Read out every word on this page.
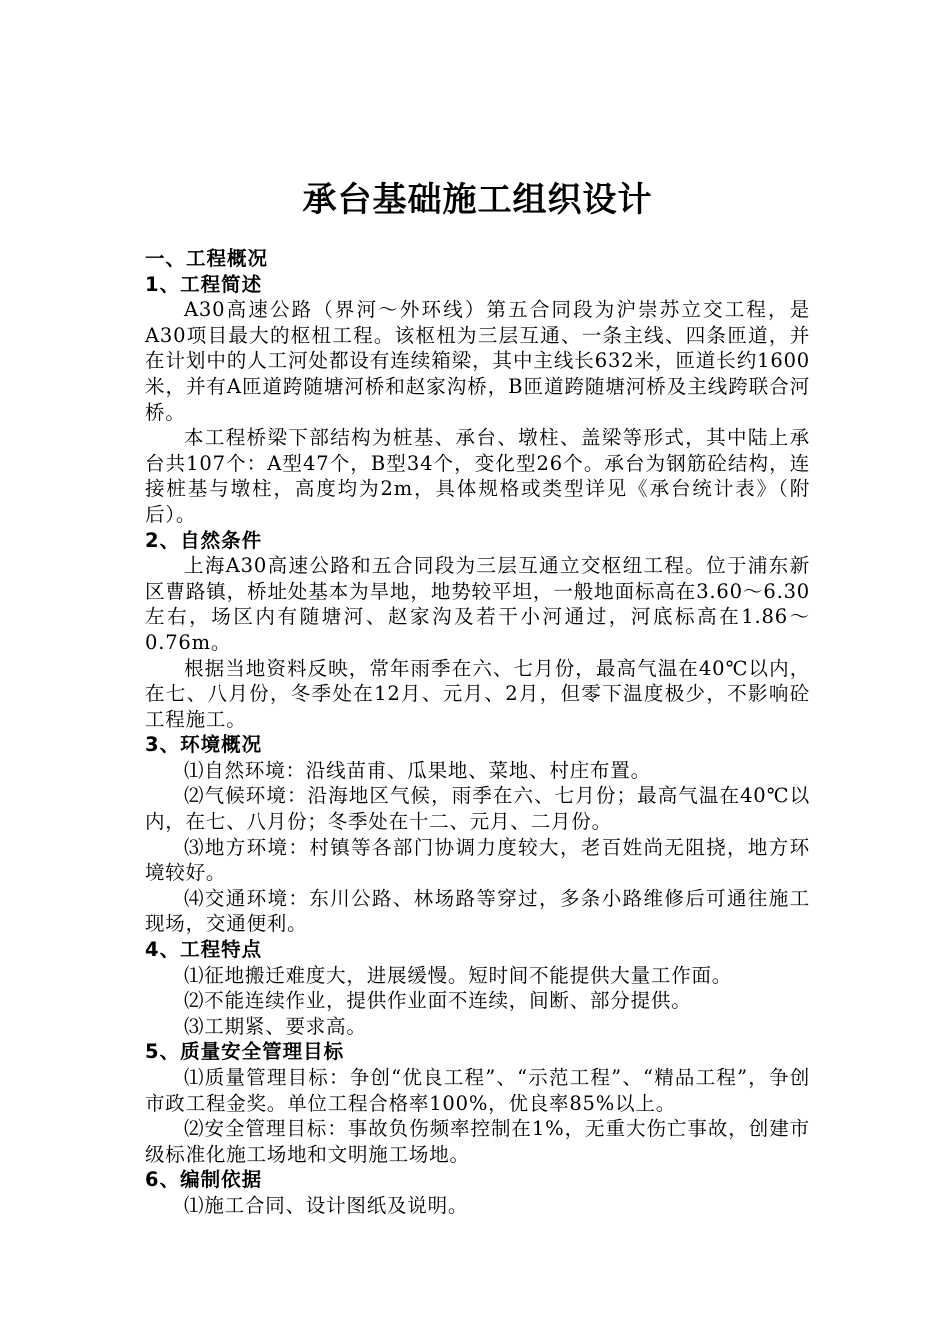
承台基础施工组织设计
一、工程概况
1、工程简述

A30高速公路（界河～外环线）第五合同段为沪崇苏立交工程，是A30项目最大的枢杻工程。该枢杻为三层互通、一条主线、四条匝道，并在计划中的人工河处都设有连续箱梁，其中主线长632米，匝道长约1600米，并有A匝道跨随塘河桥和赵家沟桥，B匝道跨随塘河桥及主线跨联合河桥。

本工程桥梁下部结构为桩基、承台、墩柱、盖梁等形式，其中陆上承台共107个：A型47个，B型34个，变化型26个。承台为钢筋砼结构，连接桩基与墩柱，高度均为2m，具体规格或类型详见《承台统计表》（附后）。

2、自然条件

上海A30高速公路和五合同段为三层互通立交枢纽工程。位于浦东新区曹路镇，桥址处基本为旱地，地势较平坦，一般地面标高在3.60～6.30左右，场区内有随塘河、赵家沟及若干小河通过，河底标高在1.86～0.76m。

根据当地资料反映，常年雨季在六、七月份，最高气温在40℃以内，在七、八月份，冬季处在12月、元月、2月，但零下温度极少，不影响砼工程施工。

3、环境概况

⑴自然环境：沿线苗甫、瓜果地、菜地、村庄布置。

⑵气候环境：沿海地区气候，雨季在六、七月份；最高气温在40℃以内，在七、八月份；冬季处在十二、元月、二月份。

⑶地方环境：村镇等各部门协调力度较大，老百姓尚无阻挠，地方环境较好。

⑷交通环境：东川公路、林场路等穿过，多条小路维修后可通往施工现场，交通便利。

4、工程特点

⑴征地搬迁难度大，进展缓慢。短时间不能提供大量工作面。

⑵不能连续作业，提供作业面不连续，间断、部分提供。

⑶工期紧、要求高。

5、质量安全管理目标

⑴质量管理目标：争创“优良工程”、“示范工程”、“精品工程”，争创市政工程金奖。单位工程合格率100%，优良率85%以上。

⑵安全管理目标：事故负伤频率控制在1%，无重大伤亡事故，创建市级标准化施工场地和文明施工场地。

6、编制依据

⑴施工合同、设计图纸及说明。
